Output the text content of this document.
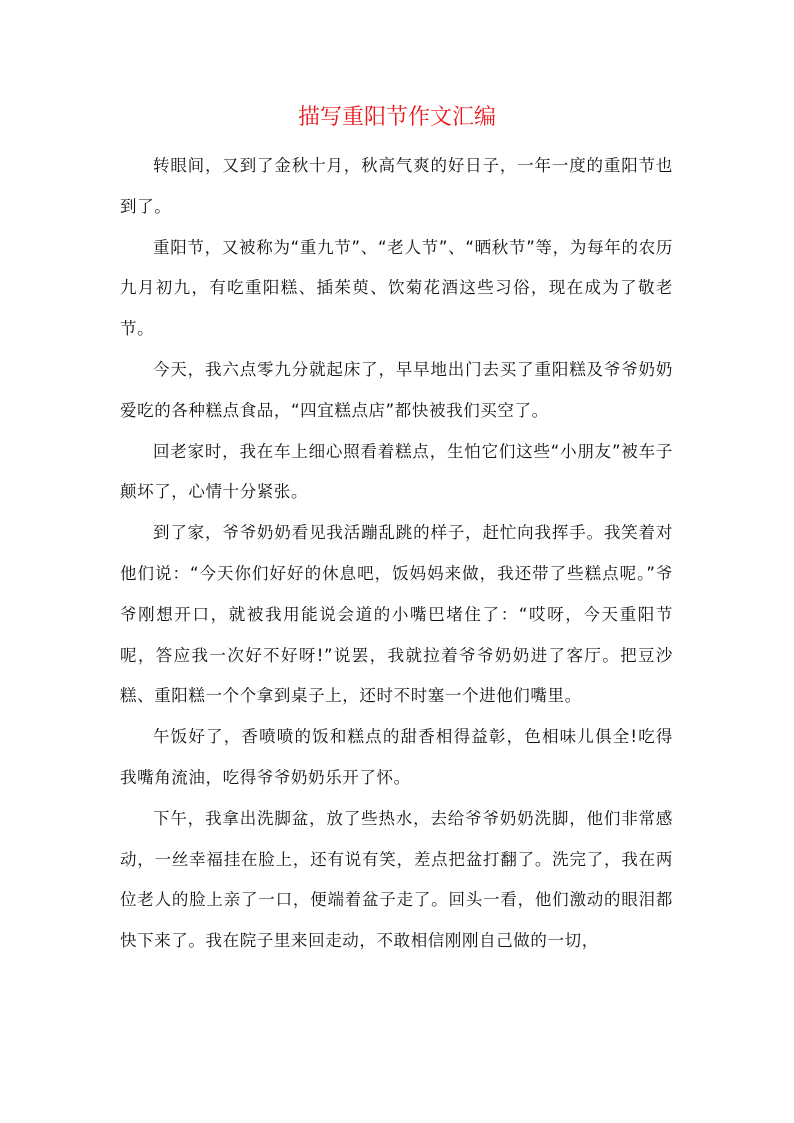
描写重阳节作文汇编

转眼间，又到了金秋十月，秋高气爽的好日子，一年一度的重阳节也到了。

重阳节，又被称为“重九节”、“老人节”、“晒秋节”等，为每年的农历九月初九，有吃重阳糕、插茱萸、饮菊花酒这些习俗，现在成为了敬老节。

今天，我六点零九分就起床了，早早地出门去买了重阳糕及爷爷奶奶爱吃的各种糕点食品，“四宜糕点店”都快被我们买空了。

回老家时，我在车上细心照看着糕点，生怕它们这些“小朋友”被车子颠坏了，心情十分紧张。

到了家，爷爷奶奶看见我活蹦乱跳的样子，赶忙向我挥手。我笑着对他们说：“今天你们好好的休息吧，饭妈妈来做，我还带了些糕点呢。”爷爷刚想开口，就被我用能说会道的小嘴巴堵住了：“哎呀，今天重阳节呢，答应我一次好不好呀!”说罢，我就拉着爷爷奶奶进了客厅。把豆沙糕、重阳糕一个个拿到桌子上，还时不时塞一个进他们嘴里。

午饭好了，香喷喷的饭和糕点的甜香相得益彰，色相味儿俱全!吃得我嘴角流油，吃得爷爷奶奶乐开了怀。

下午，我拿出洗脚盆，放了些热水，去给爷爷奶奶洗脚，他们非常感动，一丝幸福挂在脸上，还有说有笑，差点把盆打翻了。洗完了，我在两位老人的脸上亲了一口，便端着盆子走了。回头一看，他们激动的眼泪都快下来了。我在院子里来回走动，不敢相信刚刚自己做的一切，
